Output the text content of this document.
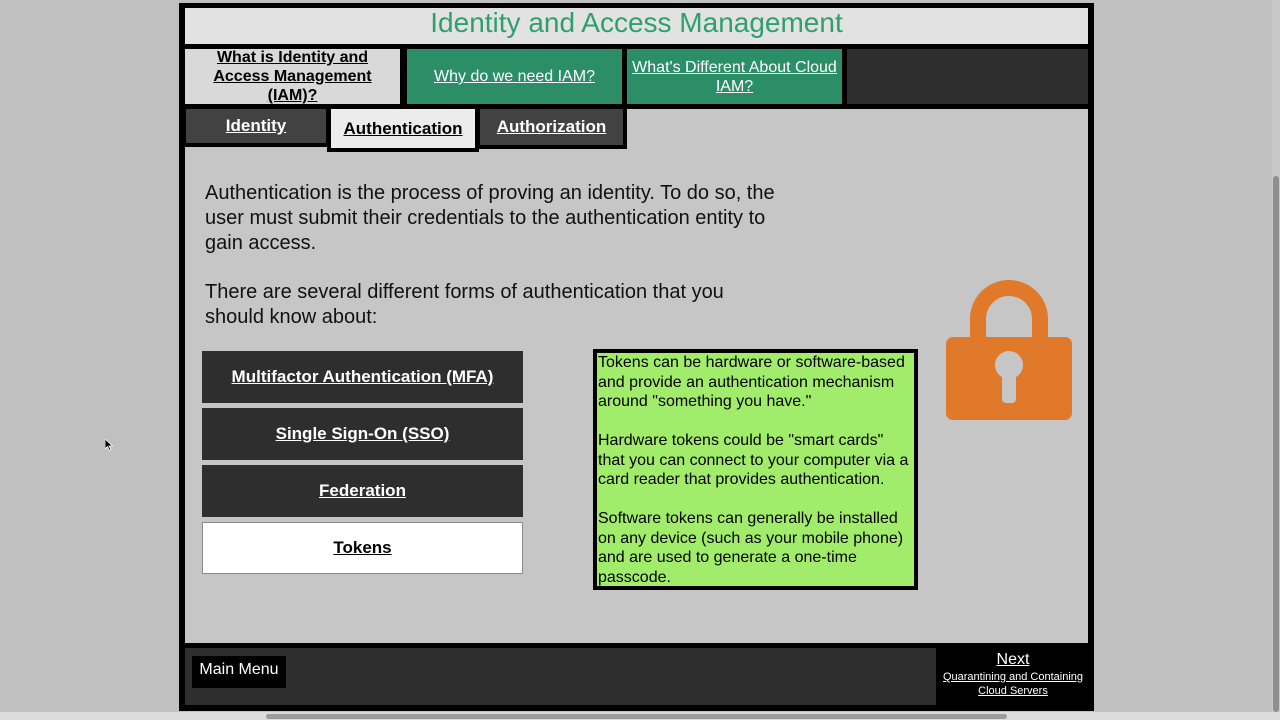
Identity and Access Management
What is Identity and Access Management (IAM)?
Why do we need IAM?
What's Different About Cloud IAM?
Identity	Authentication	Authorization

Authentication is the process of proving an identity. To do so, the user must submit their credentials to the authentication entity to gain access.

There are several different forms of authentication that you should know about:

Multifactor Authentication (MFA)
Single Sign-On (SSO)
Federation
Tokens

Tokens can be hardware or software-based and provide an authentication mechanism around "something you have."

Hardware tokens could be "smart cards" that you can connect to your computer via a card reader that provides authentication.

Software tokens can generally be installed on any device (such as your mobile phone) and are used to generate a one-time passcode.

Main Menu
Next
Quarantining and Containing Cloud Servers
